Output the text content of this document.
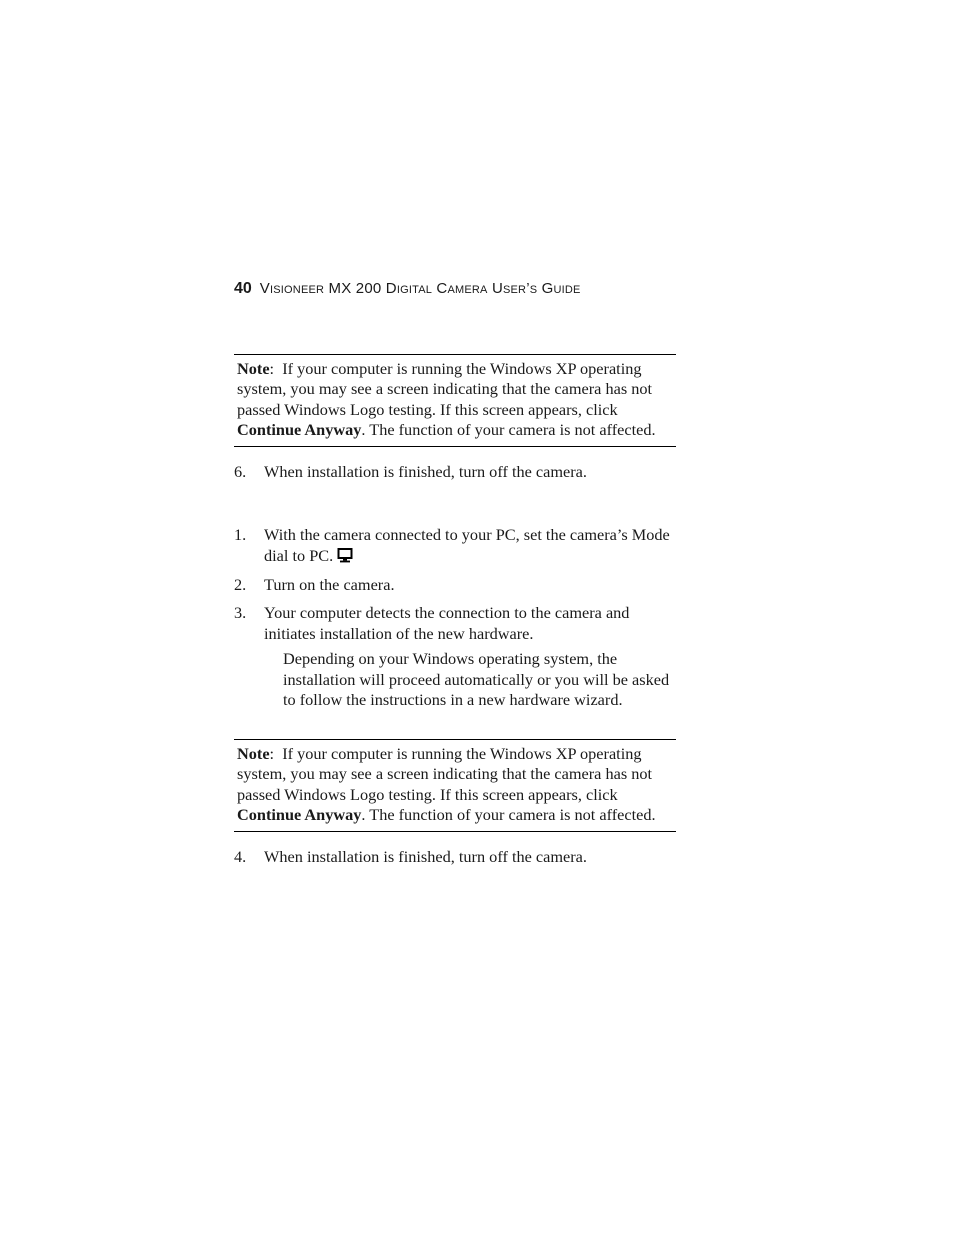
40 Visioneer MX 200 Digital Camera User’s Guide
Note:  If your computer is running the Windows XP operating system, you may see a screen indicating that the camera has not passed Windows Logo testing. If this screen appears, click Continue Anyway. The function of your camera is not affected.
6. When installation is finished, turn off the camera.
1. With the camera connected to your PC, set the camera’s Mode dial to PC.
2. Turn on the camera.
3. Your computer detects the connection to the camera and initiates installation of the new hardware.
Depending on your Windows operating system, the installation will proceed automatically or you will be asked to follow the instructions in a new hardware wizard.
Note:  If your computer is running the Windows XP operating system, you may see a screen indicating that the camera has not passed Windows Logo testing. If this screen appears, click Continue Anyway. The function of your camera is not affected.
4. When installation is finished, turn off the camera.
